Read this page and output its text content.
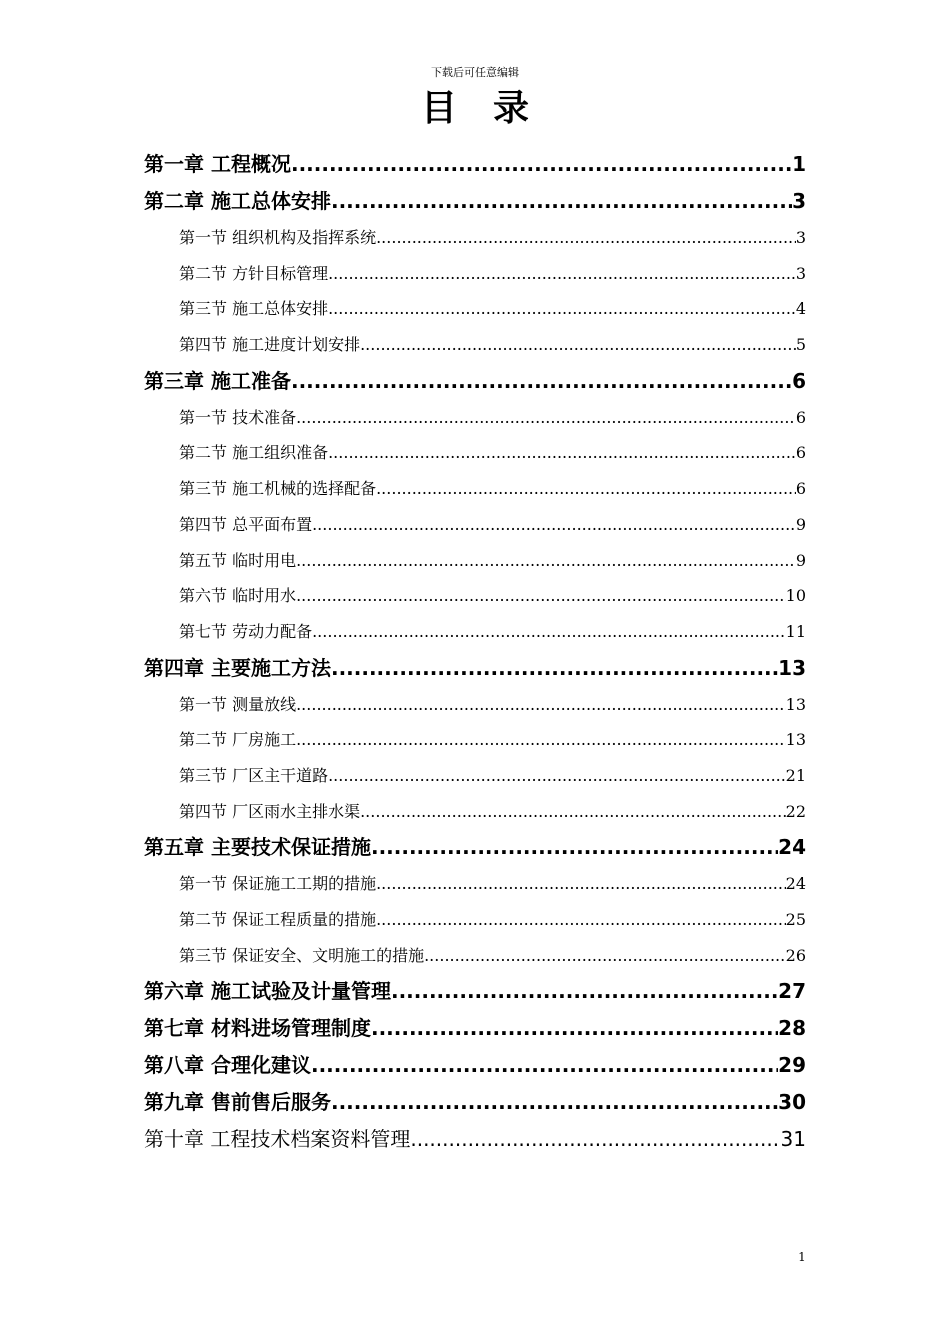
下载后可任意编辑
目录
第一章 工程概况 .....	1
第二章 施工总体安排 .....	3
第一节 组织机构及指挥系统 .....	3
第二节 方针目标管理 .....	3
第三节 施工总体安排 .....	4
第四节 施工进度计划安排 .....	5
第三章 施工准备 .....	6
第一节 技术准备 .....	6
第二节 施工组织准备 .....	6
第三节 施工机械的选择配备 .....	6
第四节 总平面布置 .....	9
第五节 临时用电 .....	9
第六节 临时用水 .....	10
第七节 劳动力配备 .....	11
第四章 主要施工方法 .....	13
第一节 测量放线 .....	13
第二节 厂房施工 .....	13
第三节 厂区主干道路 .....	21
第四节 厂区雨水主排水渠 .....	22
第五章 主要技术保证措施 .....	24
第一节 保证施工工期的措施 .....	24
第二节 保证工程质量的措施 .....	25
第三节 保证安全、文明施工的措施 .....	26
第六章 施工试验及计量管理 .....	27
第七章 材料进场管理制度 .....	28
第八章 合理化建议 .....	29
第九章 售前售后服务 .....	30
第十章 工程技术档案资料管理 .....	31
1
